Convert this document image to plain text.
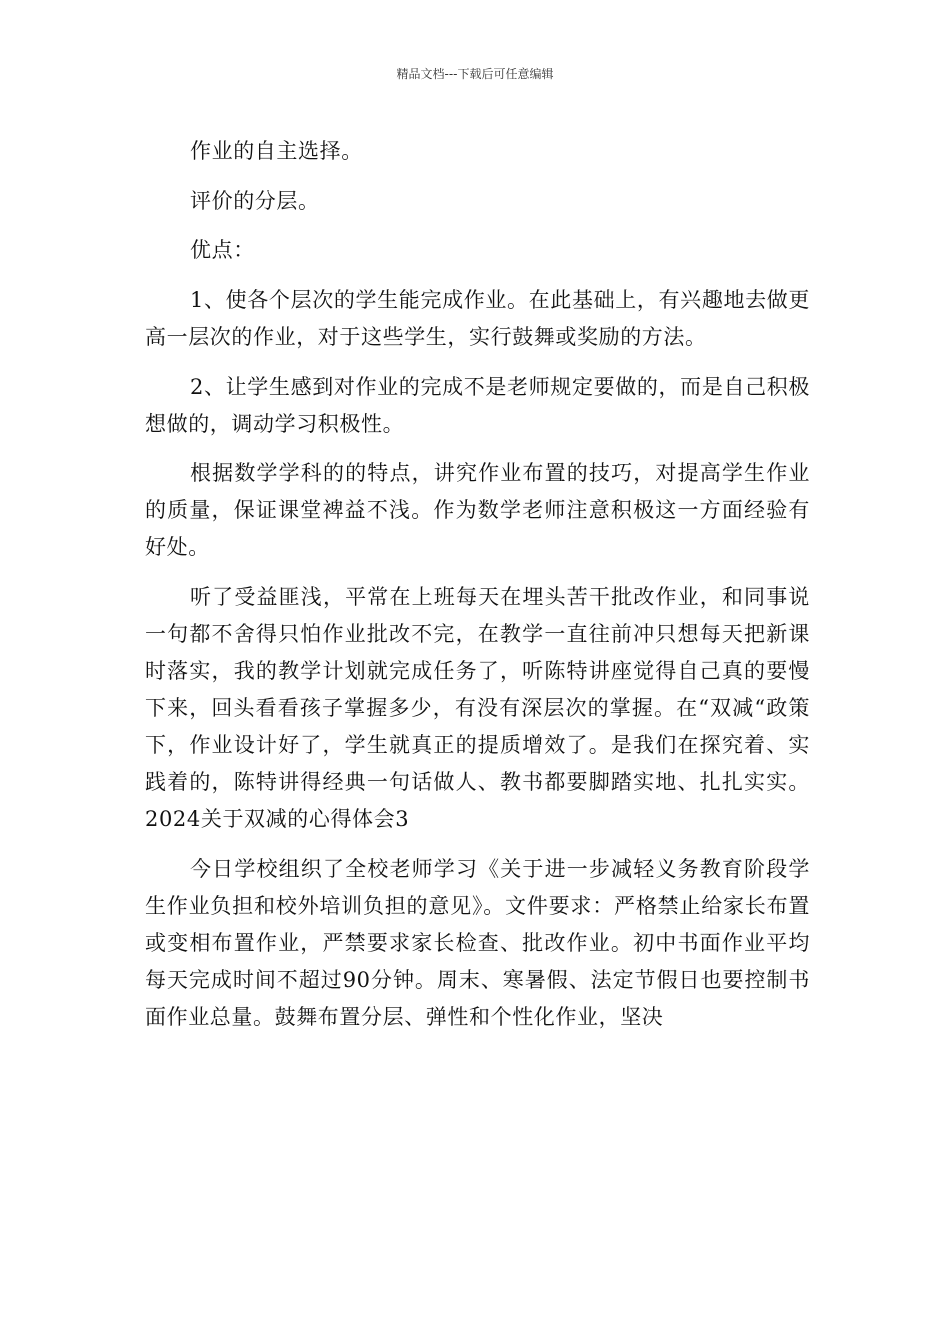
精品文档---下载后可任意编辑

作业的自主选择。

评价的分层。

优点：

1、使各个层次的学生能完成作业。在此基础上，有兴趣地去做更高一层次的作业，对于这些学生，实行鼓舞或奖励的方法。

2、让学生感到对作业的完成不是老师规定要做的，而是自己积极想做的，调动学习积极性。

根据数学学科的的特点，讲究作业布置的技巧，对提高学生作业的质量，保证课堂裨益不浅。作为数学老师注意积极这一方面经验有好处。

听了受益匪浅，平常在上班每天在埋头苦干批改作业，和同事说一句都不舍得只怕作业批改不完，在教学一直往前冲只想每天把新课时落实，我的教学计划就完成任务了，听陈特讲座觉得自己真的要慢下来，回头看看孩子掌握多少，有没有深层次的掌握。在“双减“政策下，作业设计好了，学生就真正的提质增效了。是我们在探究着、实践着的，陈特讲得经典一句话做人、教书都要脚踏实地、扎扎实实。2024关于双减的心得体会3

今日学校组织了全校老师学习《关于进一步减轻义务教育阶段学生作业负担和校外培训负担的意见》。文件要求：严格禁止给家长布置或变相布置作业，严禁要求家长检查、批改作业。初中书面作业平均每天完成时间不超过90分钟。周末、寒暑假、法定节假日也要控制书面作业总量。鼓舞布置分层、弹性和个性化作业，坚决
